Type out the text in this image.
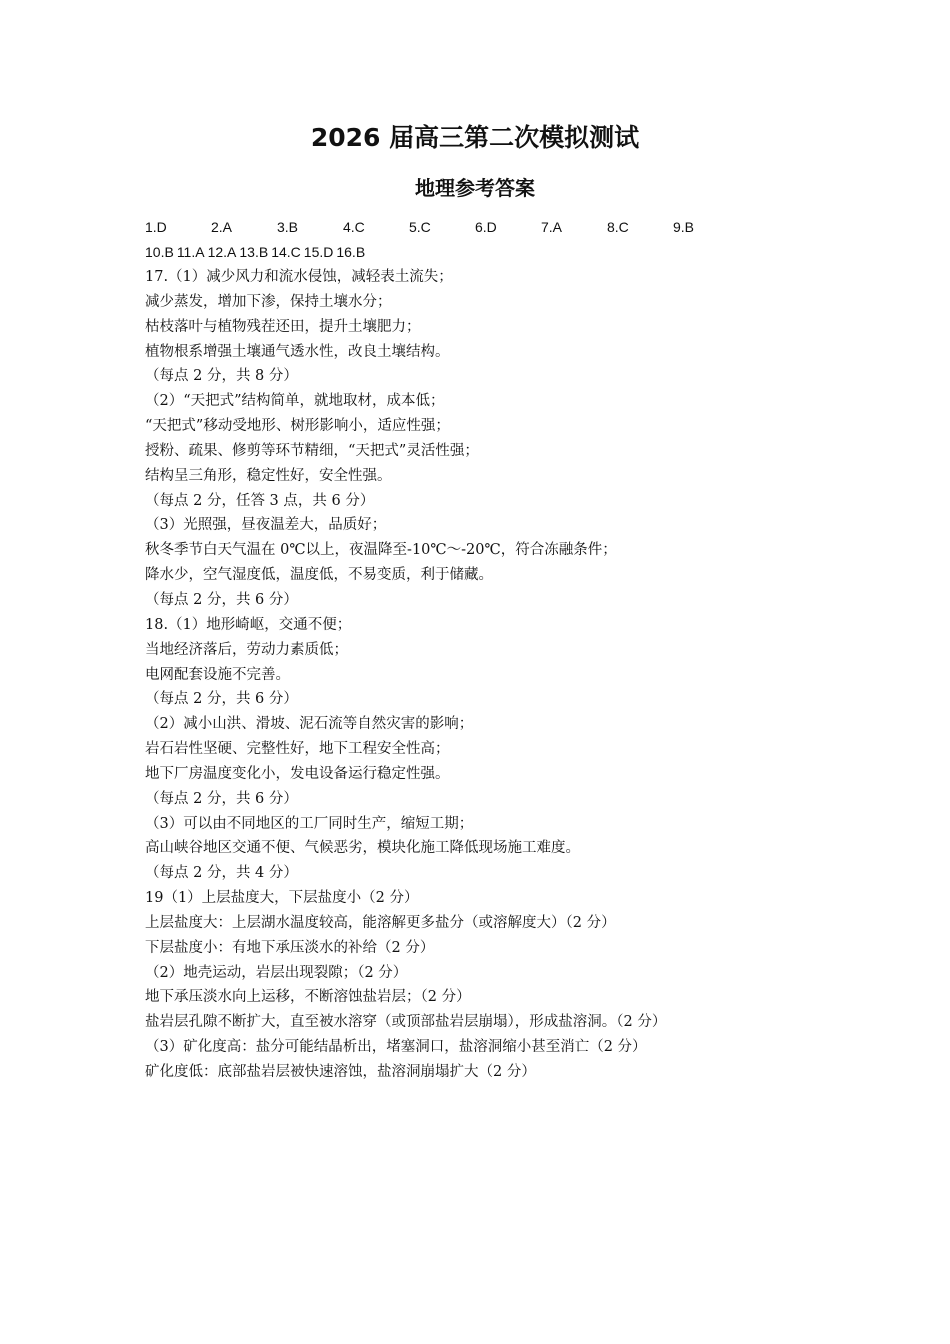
2026 届高三第二次模拟测试
地理参考答案
1.D	2.A	3.B	4.C	5.C	6.D	7.A	8.C	9.B
10.B 11.A 12.A 13.B 14.C 15.D 16.B
17.（1）减少风力和流水侵蚀，减轻表土流失；
减少蒸发，增加下渗，保持土壤水分；
枯枝落叶与植物残茬还田，提升土壤肥力；
植物根系增强土壤通气透水性，改良土壤结构。
（每点 2 分，共 8 分）
（2）“天把式”结构简单，就地取材，成本低；
“天把式”移动受地形、树形影响小，适应性强；
授粉、疏果、修剪等环节精细，“天把式”灵活性强；
结构呈三角形，稳定性好，安全性强。
（每点 2 分，任答 3 点，共 6 分）
（3）光照强，昼夜温差大，品质好；
秋冬季节白天气温在 0℃以上，夜温降至-10℃～-20℃，符合冻融条件；
降水少，空气湿度低，温度低，不易变质，利于储藏。
（每点 2 分，共 6 分）
18.（1）地形崎岖，交通不便；
当地经济落后，劳动力素质低；
电网配套设施不完善。
（每点 2 分，共 6 分）
（2）减小山洪、滑坡、泥石流等自然灾害的影响；
岩石岩性坚硬、完整性好，地下工程安全性高；
地下厂房温度变化小，发电设备运行稳定性强。
（每点 2 分，共 6 分）
（3）可以由不同地区的工厂同时生产，缩短工期；
高山峡谷地区交通不便、气候恶劣，模块化施工降低现场施工难度。
（每点 2 分，共 4 分）
19（1）上层盐度大，下层盐度小（2 分）
上层盐度大：上层湖水温度较高，能溶解更多盐分（或溶解度大）（2 分）
下层盐度小：有地下承压淡水的补给（2 分）
（2）地壳运动，岩层出现裂隙；（2 分）
地下承压淡水向上运移，不断溶蚀盐岩层；（2 分）
盐岩层孔隙不断扩大，直至被水溶穿（或顶部盐岩层崩塌），形成盐溶洞。（2 分）
（3）矿化度高：盐分可能结晶析出，堵塞洞口，盐溶洞缩小甚至消亡（2 分）
矿化度低：底部盐岩层被快速溶蚀，盐溶洞崩塌扩大（2 分）
